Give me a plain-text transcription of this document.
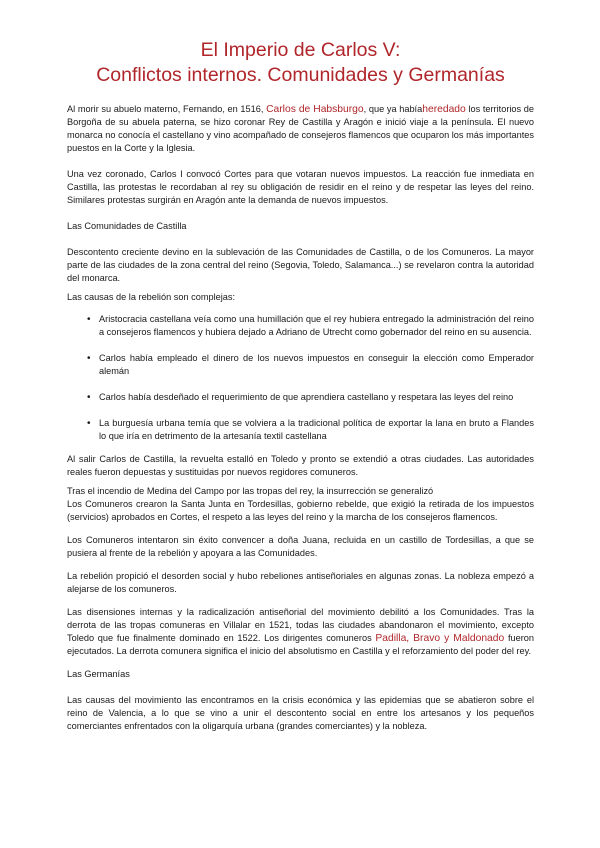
El Imperio de Carlos V:
Conflictos internos. Comunidades y Germanías

Al morir su abuelo materno, Fernando, en 1516, Carlos de Habsburgo, que ya habíaheredado los territorios de Borgoña de su abuela paterna, se hizo coronar Rey de Castilla y Aragón e inició viaje a la península. El nuevo monarca no conocía el castellano y vino acompañado de consejeros flamencos que ocuparon los más importantes puestos en la Corte y la Iglesia.

Una vez coronado, Carlos I convocó Cortes para que votaran nuevos impuestos. La reacción fue inmediata en Castilla, las protestas le recordaban al rey su obligación de residir en el reino y de respetar las leyes del reino. Similares protestas surgirán en Aragón ante la demanda de nuevos impuestos.

Las Comunidades de Castilla

Descontento creciente devino en la sublevación de las Comunidades de Castilla, o de los Comuneros. La mayor parte de las ciudades de la zona central del reino (Segovia, Toledo, Salamanca...) se revelaron contra la autoridad del monarca.

Las causas de la rebelión son complejas:

• Aristocracia castellana veía como una humillación que el rey hubiera entregado la administración del reino a consejeros flamencos y hubiera dejado a Adriano de Utrecht como gobernador del reino en su ausencia.
• Carlos había empleado el dinero de los nuevos impuestos en conseguir la elección como Emperador alemán
• Carlos había desdeñado el requerimiento de que aprendiera castellano y respetara las leyes del reino
• La burguesía urbana temía que se volviera a la tradicional política de exportar la lana en bruto a Flandes lo que iría en detrimento de la artesanía textil castellana

Al salir Carlos de Castilla, la revuelta estalló en Toledo y pronto se extendió a otras ciudades. Las autoridades reales fueron depuestas y sustituidas por nuevos regidores comuneros.

Tras el incendio de Medina del Campo por las tropas del rey, la insurrección se generalizó
Los Comuneros crearon la Santa Junta en Tordesillas, gobierno rebelde, que exigió la retirada de los impuestos (servicios) aprobados en Cortes, el respeto a las leyes del reino y la marcha de los consejeros flamencos.

Los Comuneros intentaron sin éxito convencer a doña Juana, recluida en un castillo de Tordesillas, a que se pusiera al frente de la rebelión y apoyara a las Comunidades.

La rebelión propició el desorden social y hubo rebeliones antiseñoriales en algunas zonas. La nobleza empezó a alejarse de los comuneros.

Las disensiones internas y la radicalización antiseñorial del movimiento debilitó a los Comunidades. Tras la derrota de las tropas comuneras en Villalar en 1521, todas las ciudades abandonaron el movimiento, excepto Toledo que fue finalmente dominado en 1522. Los dirigentes comuneros Padilla, Bravo y Maldonado fueron ejecutados. La derrota comunera significa el inicio del absolutismo en Castilla y el reforzamiento del poder del rey.

Las Germanías

Las causas del movimiento las encontramos en la crisis económica y las epidemias que se abatieron sobre el reino de Valencia, a lo que se vino a unir el descontento social en entre los artesanos y los pequeños comerciantes enfrentados con la oligarquía urbana (grandes comerciantes) y la nobleza.
